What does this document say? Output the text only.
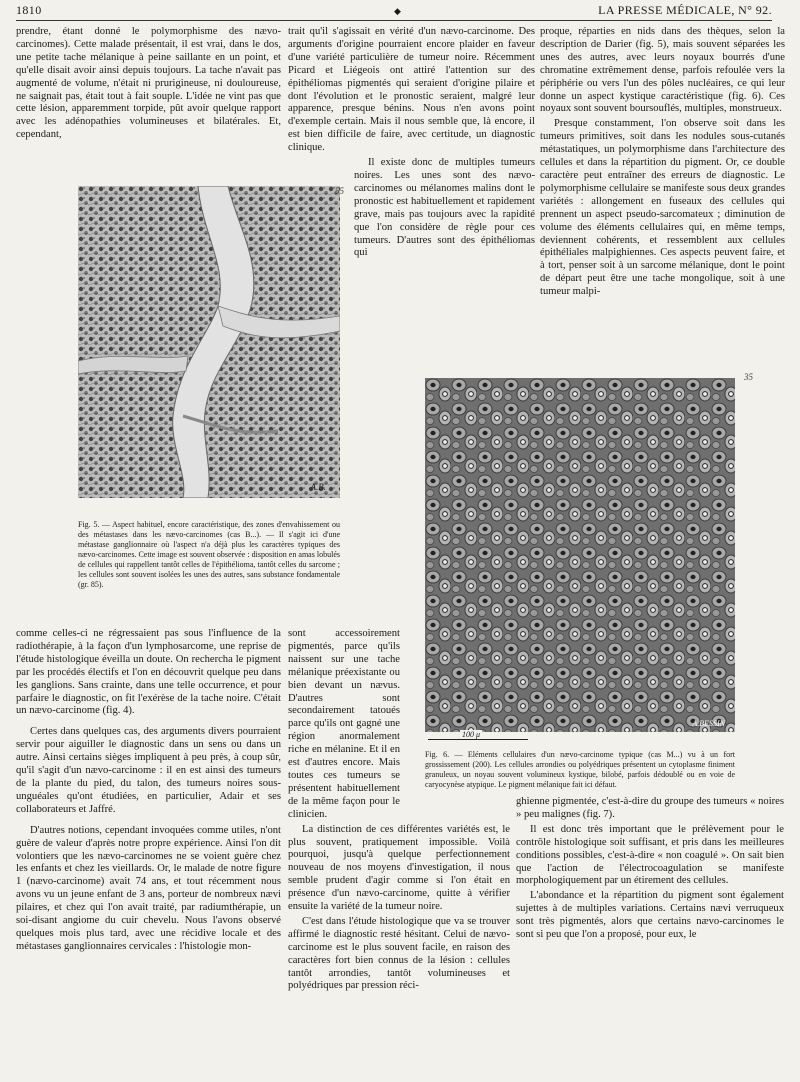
1810	◆	LA PRESSE MÉDICALE, N° 92.

prendre, étant donné le polymorphisme des nævo-carcinomes). Cette malade présentait, il est vrai, dans le dos, une petite tache mélanique à peine saillante en un point, et qu'elle disait avoir ainsi depuis toujours. La tache n'avait pas augmenté de volume, n'était ni prurigineuse, ni douloureuse, ne saignait pas, était tout à fait souple. L'idée ne vint pas que cette lésion, apparemment torpide, pût avoir quelque rapport avec les adénopathies volumineuses et bilatérales. Et, cependant,

trait qu'il s'agissait en vérité d'un nævo-carcinome. Des arguments d'origine pourraient encore plaider en faveur d'une variété particulière de tumeur noire. Récemment Picard et Liégeois ont attiré l'attention sur des épithéliomas pigmentés qui seraient d'origine pilaire et dont l'évolution et le pronostic seraient, malgré leur apparence, presque bénins. Nous n'en avons point d'exemple certain. Mais il nous semble que, là encore, il est bien difficile de faire, avec certitude, un diagnostic clinique.

Il existe donc de multiples tumeurs noires. Les unes sont des nævo-carcinomes ou mélanomes malins dont le pronostic est habituellement et rapidement grave, mais pas toujours avec la rapidité que l'on considère de règle pour ces tumeurs. D'autres sont des épithéliomas qui

proque, réparties en nids dans des thèques, selon la description de Darier (fig. 5), mais souvent séparées les unes des autres, avec leurs noyaux bourrés d'une chromatine extrêmement dense, parfois refoulée vers la périphérie ou vers l'un des pôles nucléaires, ce qui leur donne un aspect kystique caractéristique (fig. 6). Ces noyaux sont souvent boursouflés, multiples, monstrueux.

Presque constamment, l'on observe soit dans les tumeurs primitives, soit dans les nodules sous-cutanés métastatiques, un polymorphisme dans l'architecture des cellules et dans la répartition du pigment. Or, ce double caractère peut entraîner des erreurs de diagnostic. Le polymorphisme cellulaire se manifeste sous deux grandes variétés : allongement en fuseaux des cellules qui prennent un aspect pseudo-sarcomateux ; diminution de volume des éléments cellulaires qui, en même temps, deviennent cohérents, et ressemblent aux cellules épithéliales malpighiennes. Ces aspects peuvent faire, et à tort, penser soit à un sarcome mélanique, dont le point de départ peut être une tache mongolique, soit à une tumeur malpi-

A.B.
55
Fig. 5. — Aspect habituel, encore caractéristique, des zones d'envahissement ou des métastases dans les nævo-carcinomes (cas B...). — Il s'agit ici d'une métastase ganglionnaire où l'aspect n'a déjà plus les caractères typiques des nævo-carcinomes. Cette image est souvent observée : disposition en amas lobulés de cellules qui rappellent tantôt celles de l'épithélioma, tantôt celles du sarcome ; les cellules sont souvent isolées les unes des autres, sans substance fondamentale (gr. 85).
A.BESSIN
35
100 μ
Fig. 6. — Eléments cellulaires d'un nævo-carcinome typique (cas M...) vu à un fort grossissement (200). Les cellules arrondies ou polyédriques présentent un cytoplasme finiment granuleux, un noyau souvent volumineux kystique, bilobé, parfois dédoublé ou en voie de caryocynèse atypique. Le pigment mélanique fait ici défaut.

comme celles-ci ne régressaient pas sous l'influence de la radiothérapie, à la façon d'un lymphosarcome, une reprise de l'étude histologique éveilla un doute. On rechercha le pigment par les procédés électifs et l'on en découvrit quelque peu dans les ganglions. Sans crainte, dans une telle occurrence, et pour parfaire le diagnostic, on fit l'exérèse de la tache noire. C'était un nævo-carcinome (fig. 4).

Certes dans quelques cas, des arguments divers pourraient servir pour aiguiller le diagnostic dans un sens ou dans un autre. Ainsi certains sièges impliquent à peu près, à coup sûr, qu'il s'agit d'un nævo-carcinome : il en est ainsi des tumeurs de la plante du pied, du talon, des tumeurs noires sous-unguéales qu'ont étudiées, en particulier, Adair et ses collaborateurs et Jaffré.

D'autres notions, cependant invoquées comme utiles, n'ont guère de valeur d'après notre propre expérience. Ainsi l'on dit volontiers que les nævo-carcinomes ne se voient guère chez les enfants et chez les vieillards. Or, le malade de notre figure 1 (nævo-carcinome) avait 74 ans, et tout récemment nous avons vu un jeune enfant de 3 ans, porteur de nombreux nævi pilaires, et chez qui l'on avait traité, par radiumthérapie, un soi-disant angiome du cuir chevelu. Nous l'avons observé quelques mois plus tard, avec une récidive locale et des métastases ganglionnaires cervicales : l'histologie mon-

sont accessoirement pigmentés, parce qu'ils naissent sur une tache mélanique préexistante ou bien devant un nævus. D'autres sont secondairement tatoués parce qu'ils ont gagné une région anormalement riche en mélanine. Et il en est d'autres encore. Mais toutes ces tumeurs se présentent habituellement de la même façon pour le clinicien.

La distinction de ces différentes variétés est, le plus souvent, pratiquement impossible. Voilà pourquoi, jusqu'à quelque perfectionnement nouveau de nos moyens d'investigation, il nous semble prudent d'agir comme si l'on était en présence d'un nævo-carcinome, quitte à vérifier ensuite la variété de la tumeur noire.

C'est dans l'étude histologique que va se trouver affirmé le diagnostic resté hésitant. Celui de nævo-carcinome est le plus souvent facile, en raison des caractères fort bien connus de la lésion : cellules tantôt arrondies, tantôt volumineuses et polyédriques par pression réci-

ghienne pigmentée, c'est-à-dire du groupe des tumeurs « noires » peu malignes (fig. 7).

Il est donc très important que le prélèvement pour le contrôle histologique soit suffisant, et pris dans les meilleures conditions possibles, c'est-à-dire « non coagulé ». On sait bien que l'action de l'électrocoagulation se manifeste morphologiquement par un étirement des cellules.

L'abondance et la répartition du pigment sont également sujettes à de multiples variations. Certains nævi verruqueux sont très pigmentés, alors que certains nævo-carcinomes le sont si peu que l'on a proposé, pour eux, le
